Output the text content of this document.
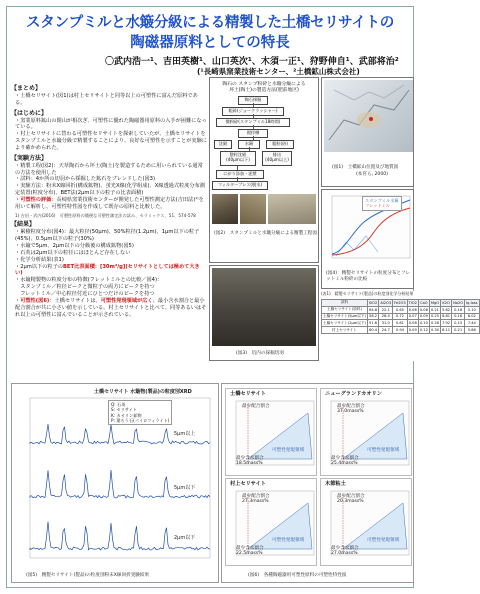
スタンプミルと水簸分級による精製した土橋セリサイトの
陶磁器原料としての特長
〇武内浩一¹、吉田英樹¹、山口英次¹、木須一正¹、狩野伸自¹、武部将治²
(¹長崎県窯業技術センター、²土橋鉱山株式会社)
【まとめ】
・土橋セリサイト(図1)は村上セリサイトと同等以上の可塑性に富んだ原料である。
【はじめに】
・窯業原料鉱山の閉山が相次ぎ、可塑性に優れた陶磁器用原料の入手が困難になっている。
・村上セリサイトに替わる可塑性セリサイトを探索していたが、土橋セリサイトをスタンプミルと水簸分級で精製することにより、良好な可塑性を示すことが実験により確かめられた。
【実験方法】
・精製工程(図2)：天草陶石から坏土(陶土)を製造するために用いられている通常の方法を使用した
・試料：4か所の切羽から採掘した鉱石をブレンドした(図3)
・実験方法：粉末X線回折(構成鉱物)、蛍光X線(化学組成)、X線透過式粒度分布測定装置(粒度分布)、BET法(2μm以下の粒子の比表面積)
・可塑性の評価：長崎県窯業技術センターが開発した可塑性測定方法(吉田法)¹⁾を用いて解析し、可塑性特性図を作成して既存の原料と比較した。
1) 吉田・武内(2016)　可塑性原料の簡便な可塑性測定法の試み、セラミックス、51、574-578
【結果】
・累積粒度分布(図4)：最大粒径(50μm)、50%粒径(1.2μm)、1μm以下の粒子(45%)、0.5μm以下の粒子(30%)
・水簸で5μm、2μm以下の分級後の構成鉱物(図5)
・石英は2μm以下の粒径にはほとんど存在しない
・化学分析結果(表1)
・2μm以下の粒子のBET比表面積：[30m²/g](セリサイトとしては極めて大きい)
・水簸精製物の粒度分布の特徴(フレットミルとの比較／図4)：
　スタンプミル／粒径ピークと微粒子の両方にピークを持つ
　フレットミル／中心粒径付近にひとつだけのピークを持つ
・可塑性(図6)：土橋セリサイトは、可塑性発現領域が広く、最小含水割合と最小配合割合が共に小さい値を示している。村上セリサイトと比べて、同等あるいはそれ以上の可塑性に富んでいることが示されている。
陶石の スタンプ粉砕と水簸分級による
坏土(陶土)の製造方法(肥前地区)
陶石採掘
粗砕(ジョークラッシャー)
微粉砕(スタンプミル18時間)
撹拌槽
沈殿	水簸	粗粒(砂)
整粒沈殿
(40μm以下)
排出
(40μm以上)
にがり添加・泥漿
フィルタープレス(脱水)
(図2)　スタンプミルと水簸分級による精製工程図
(図1)　土橋鉱山位置及び地質図
(本宮ら, 2000)
スタンプミル水簸
フレットミル
(図4)　精製セリサイトの粒度分布とフレットミル粉砕の比較
(図3)　坑内の採掘切羽
(表1)　精製セリサイト(製品)の粒度別化学分析結果
試料	SiO2	Al2O3	Fe2O3	TiO2	CaO	MgO	K2O	Na2O	Ig.loss
土橋セリサイト(原料)	64.8	22.1	0.65	0.06	0.08	0.21	5.62	0.18	5.10
土橋セリサイト(5μm以下)	58.2	26.4	0.72	0.07	0.09	0.25	6.81	0.16	6.02
土橋セリサイト(2μm以下)	51.6	31.0	0.81	0.08	0.10	0.28	7.92	0.15	7.44
村上セリサイト	60.4	24.7	0.94	0.09	0.12	0.30	6.11	0.21	5.86
土橋セリサイト 水簸物(製品)の粒度別XRD
Q: 石英
S: セリサイト
K: カオリン鉱物
P: 葉ろう石(パイロフィライト)
5μm以上
5μm以下
2μm以下
(図5)　精製セリサイト(製品)の粒度別粉末X線回折実験結果
土橋セリサイト
最少配合割合
可塑性発現領域
最少含水割合
18.5mass%
ニューグランドカオリン
最少配合割合
37.0mass%
可塑性発現領域
最少含水割合
25.4mass%
村上セリサイト
最少配合割合
27.3mass%
可塑性発現領域
最少含水割合
22.5mass%
木節粘土
最少配合割合
20.3mass%
可塑性発現領域
最少含水割合
27.0mass%
(図6)　各種陶磁器用可塑性原料の可塑性特性図
